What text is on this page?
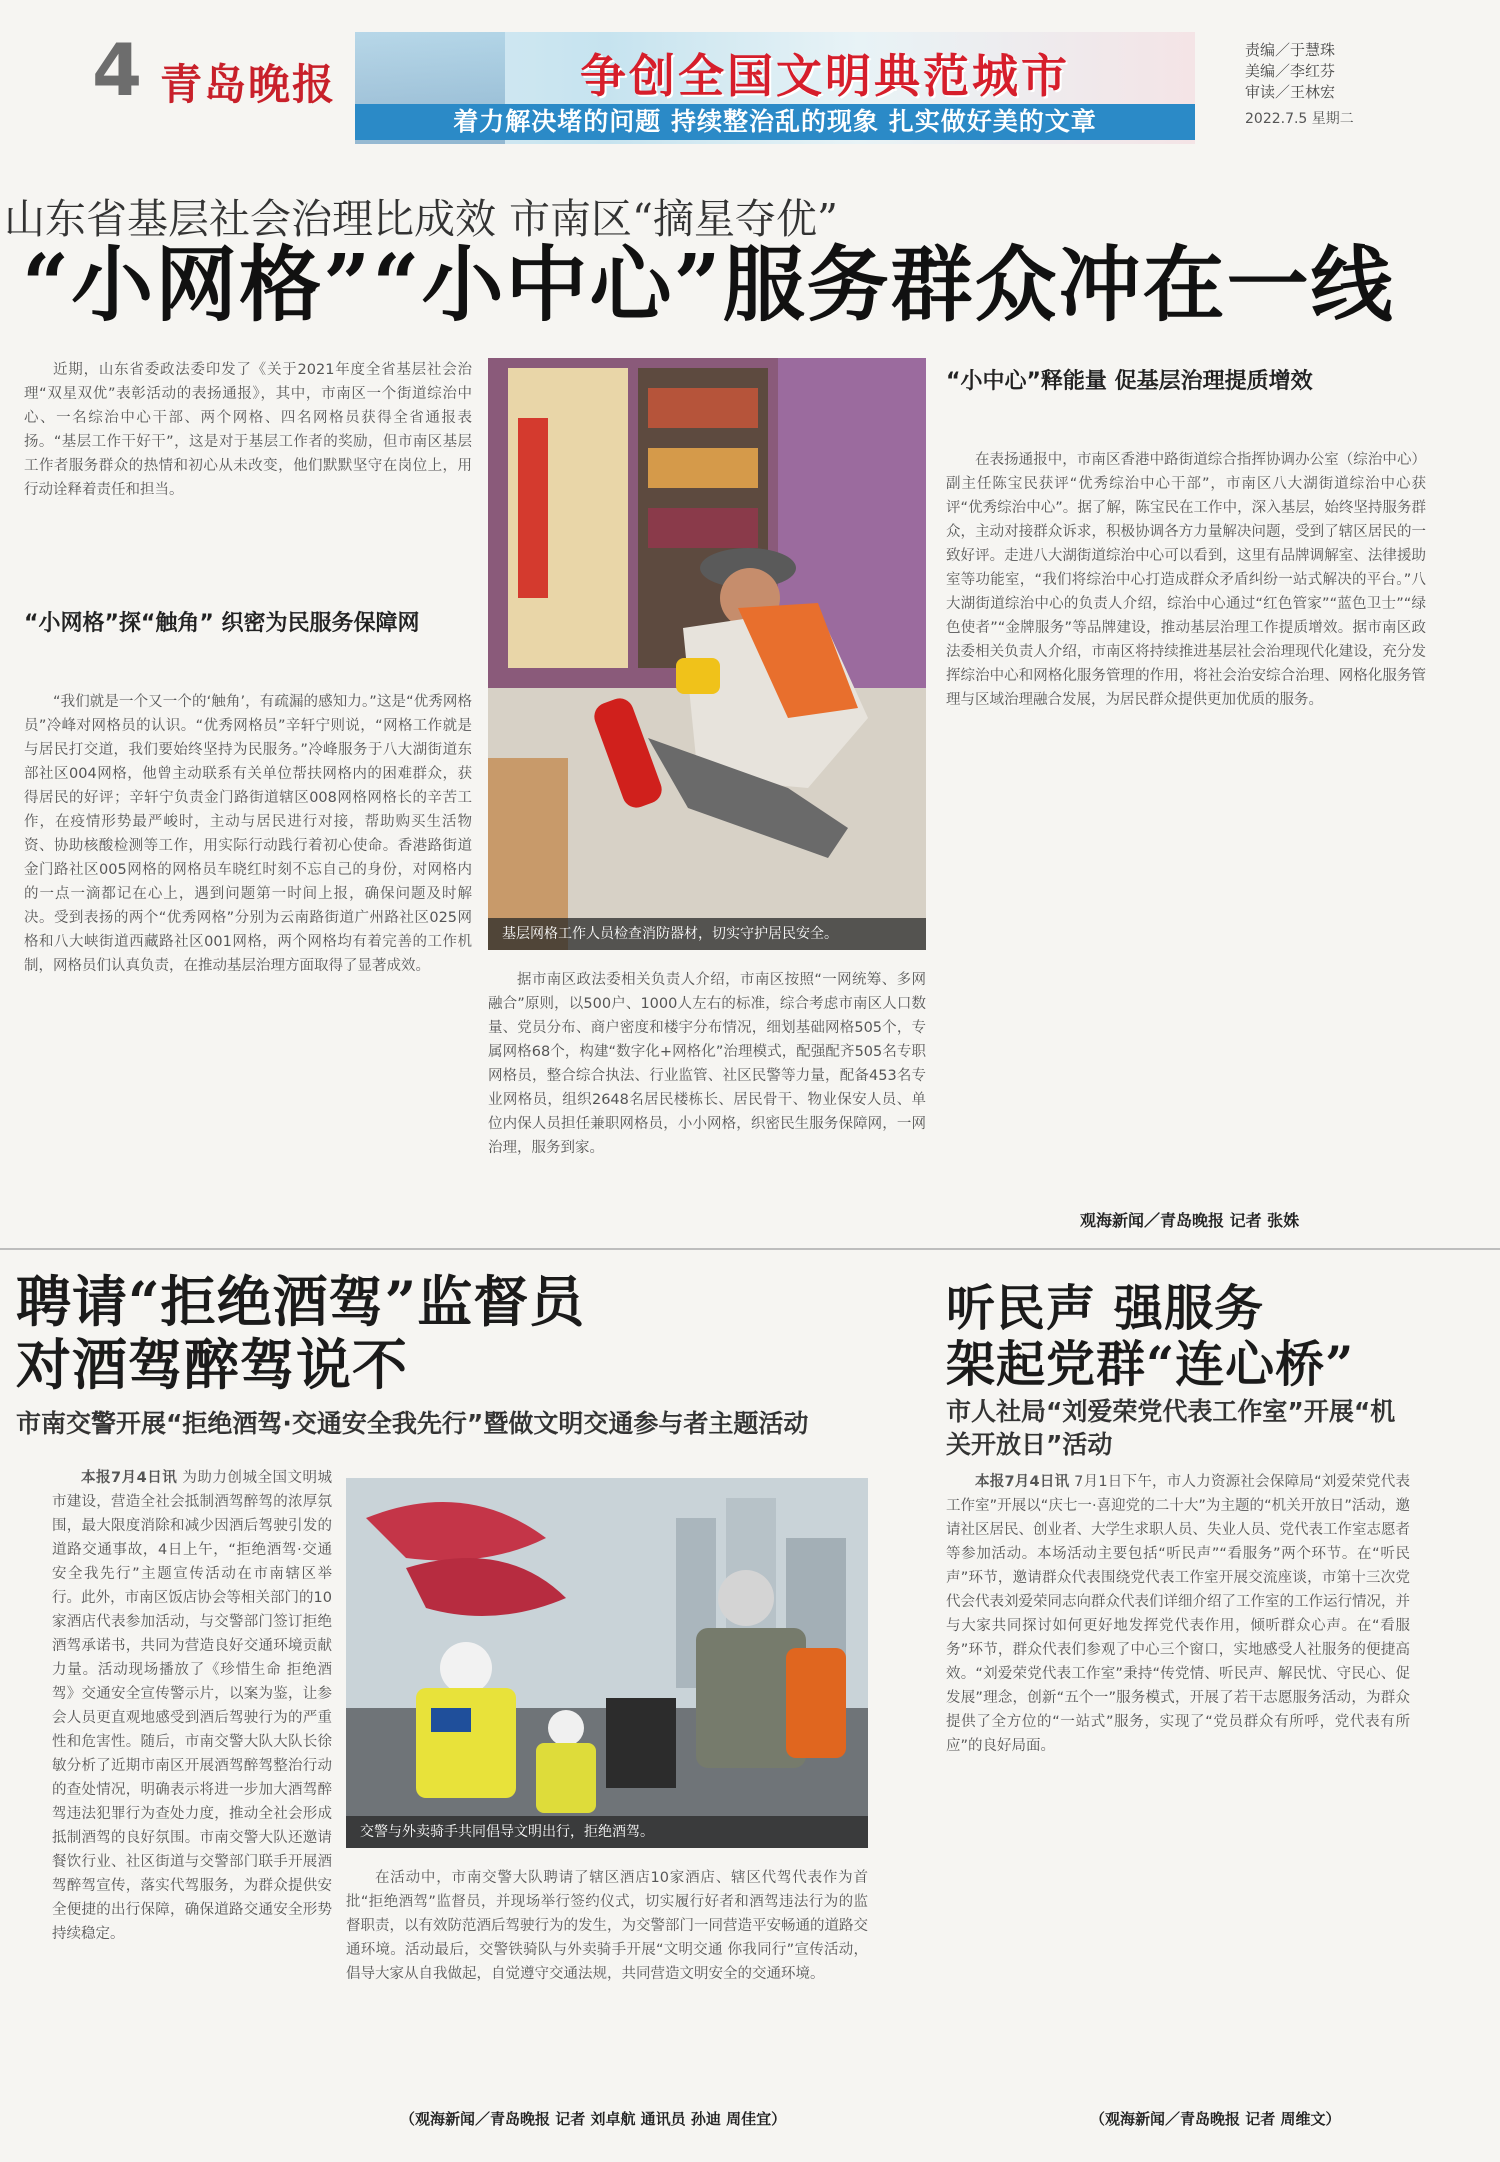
4 青岛晚报	争创全国文明典范城市
着力解决堵的问题 持续整治乱的现象 扎实做好美的文章
责编／于慧珠
美编／李红芬
审读／王林宏
2022.7.5 星期二
山东省基层社会治理比成效 市南区“摘星夺优”
“小网格”“小中心”服务群众冲在一线

近期，山东省委政法委印发了《关于2021年度全省基层社会治理“双星双优”表彰活动的表扬通报》，其中，市南区一个街道综治中心、一名综治中心干部、两个网格、四名网格员获得全省通报表扬。“基层工作干好干”，这是对于基层工作者的奖励，但市南区基层工作者服务群众的热情和初心从未改变，他们默默坚守在岗位上，用行动诠释着责任和担当。

“小网格”探“触角” 织密为民服务保障网

“我们就是一个又一个的‘触角’，有疏漏的感知力。”这是“优秀网格员”冷峰对网格员的认识。“优秀网格员”辛轩宁则说，“网格工作就是与居民打交道，我们要始终坚持为民服务。”冷峰服务于八大湖街道东部社区004网格，他曾主动联系有关单位帮扶网格内的困难群众，获得居民的好评；辛轩宁负责金门路街道辖区008网格网格长的辛苦工作，在疫情形势最严峻时，主动与居民进行对接，帮助购买生活物资、协助核酸检测等工作，用实际行动践行着初心使命。香港路街道金门路社区005网格的网格员车晓红时刻不忘自己的身份，对网格内的一点一滴都记在心上，遇到问题第一时间上报，确保问题及时解决。受到表扬的两个“优秀网格”分别为云南路街道广州路社区025网格和八大峡街道西藏路社区001网格，两个网格均有着完善的工作机制，网格员们认真负责，在推动基层治理方面取得了显著成效。

基层网格工作人员检查消防器材，切实守护居民安全。

据市南区政法委相关负责人介绍，市南区按照“一网统筹、多网融合”原则，以500户、1000人左右的标准，综合考虑市南区人口数量、党员分布、商户密度和楼宇分布情况，细划基础网格505个，专属网格68个，构建“数字化+网格化”治理模式，配强配齐505名专职网格员，整合综合执法、行业监管、社区民警等力量，配备453名专业网格员，组织2648名居民楼栋长、居民骨干、物业保安人员、单位内保人员担任兼职网格员，小小网格，织密民生服务保障网，一网治理，服务到家。

“小中心”释能量 促基层治理提质增效

在表扬通报中，市南区香港中路街道综合指挥协调办公室（综治中心）副主任陈宝民获评“优秀综治中心干部”，市南区八大湖街道综治中心获评“优秀综治中心”。据了解，陈宝民在工作中，深入基层，始终坚持服务群众，主动对接群众诉求，积极协调各方力量解决问题，受到了辖区居民的一致好评。走进八大湖街道综治中心可以看到，这里有品牌调解室、法律援助室等功能室，“我们将综治中心打造成群众矛盾纠纷一站式解决的平台。”八大湖街道综治中心的负责人介绍，综治中心通过“红色管家”“蓝色卫士”“绿色使者”“金牌服务”等品牌建设，推动基层治理工作提质增效。据市南区政法委相关负责人介绍，市南区将持续推进基层社会治理现代化建设，充分发挥综治中心和网格化服务管理的作用，将社会治安综合治理、网格化服务管理与区域治理融合发展，为居民群众提供更加优质的服务。

观海新闻／青岛晚报 记者 张姝
聘请“拒绝酒驾”监督员
对酒驾醉驾说不
市南交警开展“拒绝酒驾·交通安全我先行”暨做文明交通参与者主题活动

本报7月4日讯 为助力创城全国文明城市建设，营造全社会抵制酒驾醉驾的浓厚氛围，最大限度消除和减少因酒后驾驶引发的道路交通事故，4日上午，“拒绝酒驾·交通安全我先行”主题宣传活动在市南辖区举行。此外，市南区饭店协会等相关部门的10家酒店代表参加活动，与交警部门签订拒绝酒驾承诺书，共同为营造良好交通环境贡献力量。活动现场播放了《珍惜生命 拒绝酒驾》交通安全宣传警示片，以案为鉴，让参会人员更直观地感受到酒后驾驶行为的严重性和危害性。随后，市南交警大队大队长徐敏分析了近期市南区开展酒驾醉驾整治行动的查处情况，明确表示将进一步加大酒驾醉驾违法犯罪行为查处力度，推动全社会形成抵制酒驾的良好氛围。市南交警大队还邀请餐饮行业、社区街道与交警部门联手开展酒驾醉驾宣传，落实代驾服务，为群众提供安全便捷的出行保障，确保道路交通安全形势持续稳定。

交警与外卖骑手共同倡导文明出行，拒绝酒驾。

在活动中，市南交警大队聘请了辖区酒店10家酒店、辖区代驾代表作为首批“拒绝酒驾”监督员，并现场举行签约仪式，切实履行好者和酒驾违法行为的监督职责，以有效防范酒后驾驶行为的发生，为交警部门一同营造平安畅通的道路交通环境。活动最后，交警铁骑队与外卖骑手开展“文明交通 你我同行”宣传活动，倡导大家从自我做起，自觉遵守交通法规，共同营造文明安全的交通环境。

（观海新闻／青岛晚报 记者 刘卓航 通讯员 孙迪 周佳宜）
听民声 强服务
架起党群“连心桥”
市人社局“刘爱荣党代表工作室”开展“机关开放日”活动

本报7月4日讯 7月1日下午，市人力资源社会保障局“刘爱荣党代表工作室”开展以“庆七一·喜迎党的二十大”为主题的“机关开放日”活动，邀请社区居民、创业者、大学生求职人员、失业人员、党代表工作室志愿者等参加活动。本场活动主要包括“听民声”“看服务”两个环节。在“听民声”环节，邀请群众代表围绕党代表工作室开展交流座谈，市第十三次党代会代表刘爱荣同志向群众代表们详细介绍了工作室的工作运行情况，并与大家共同探讨如何更好地发挥党代表作用，倾听群众心声。在“看服务”环节，群众代表们参观了中心三个窗口，实地感受人社服务的便捷高效。“刘爱荣党代表工作室”秉持“传党情、听民声、解民忧、守民心、促发展”理念，创新“五个一”服务模式，开展了若干志愿服务活动，为群众提供了全方位的“一站式”服务，实现了“党员群众有所呼，党代表有所应”的良好局面。

（观海新闻／青岛晚报 记者 周维文）
